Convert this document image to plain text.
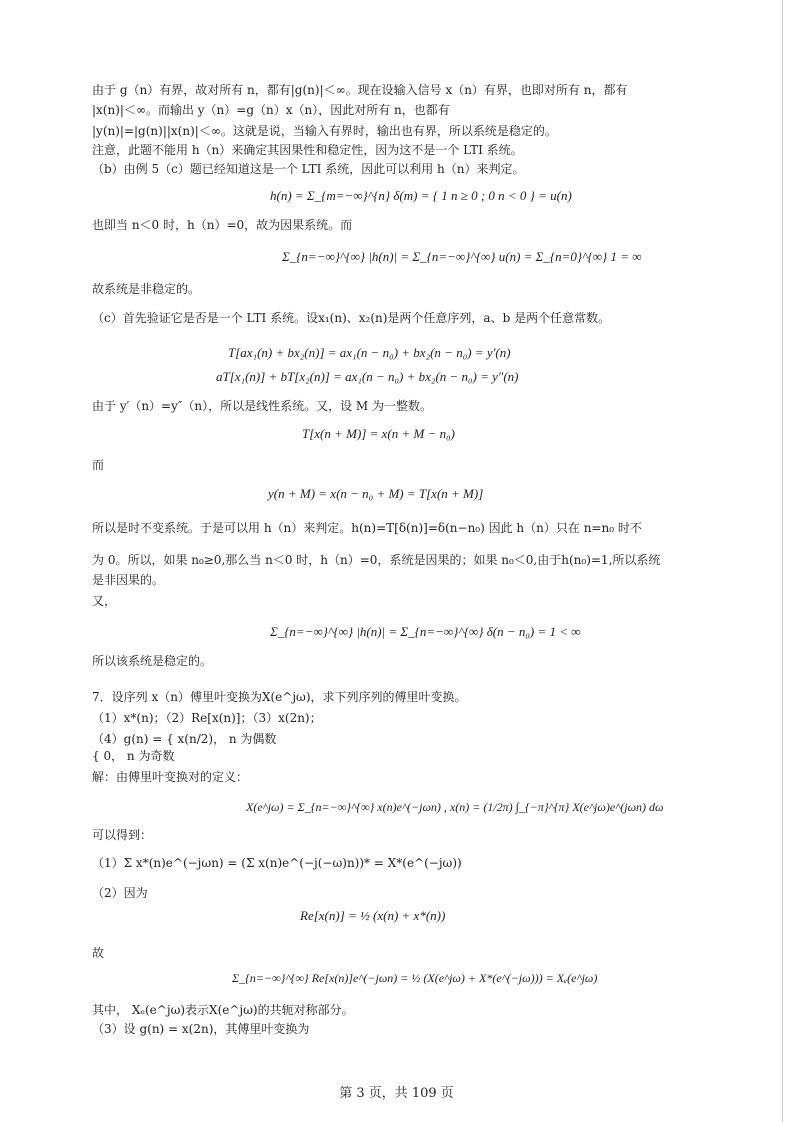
由于 g（n）有界，故对所有 n，都有|g(n)|＜∞。现在设输入信号 x（n）有界，也即对所有 n，都有
|x(n)|＜∞。而输出 y（n）=g（n）x（n），因此对所有 n，也都有
|y(n)|=|g(n)||x(n)|＜∞。这就是说，当输入有界时，输出也有界，所以系统是稳定的。
注意，此题不能用 h（n）来确定其因果性和稳定性，因为这不是一个 LTI 系统。
（b）由例 5（c）题已经知道这是一个 LTI 系统，因此可以利用 h（n）来判定。
h(n) = Σ_{m=−∞}^{n} δ(m) = { 1 n ≥ 0 ; 0 n < 0 } = u(n)
也即当 n＜0 时，h（n）=0，故为因果系统。而
Σ_{n=−∞}^{∞} |h(n)| = Σ_{n=−∞}^{∞} u(n) = Σ_{n=0}^{∞} 1 = ∞
故系统是非稳定的。
（c）首先验证它是否是一个 LTI 系统。设x₁(n)、x₂(n)是两个任意序列，a、b 是两个任意常数。
T[ax₁(n) + bx₂(n)] = ax₁(n − n₀) + bx₂(n − n₀) = y′(n)
aT[x₁(n)] + bT[x₂(n)] = ax₁(n − n₀) + bx₂(n − n₀) = y″(n)
由于 y′（n）=y″（n），所以是线性系统。又，设 M 为一整数。
T[x(n + M)] = x(n + M − n₀)
而
y(n + M) = x(n − n₀ + M) = T[x(n + M)]
所以是时不变系统。于是可以用 h（n）来判定。h(n)=T[δ(n)]=δ(n−n₀) 因此 h（n）只在 n=n₀ 时不
为 0。所以，如果 n₀≥0,那么当 n＜0 时，h（n）=0，系统是因果的；如果 n₀＜0,由于h(n₀)=1,所以系统
是非因果的。
又，
Σ_{n=−∞}^{∞} |h(n)| = Σ_{n=−∞}^{∞} δ(n − n₀) = 1 < ∞
所以该系统是稳定的。
7．设序列 x（n）傅里叶变换为X(e^jω)，求下列序列的傅里叶变换。
（1）x*(n)；（2）Re[x(n)]；（3）x(2n)；
（4）g(n) = { x(n/2)， n 为偶数
{ 0， n 为奇数
解：由傅里叶变换对的定义：
X(e^jω) = Σ_{n=−∞}^{∞} x(n)e^(−jωn) , x(n) = (1/2π) ∫_{−π}^{π} X(e^jω)e^(jωn) dω
可以得到：
（1）Σ x*(n)e^(−jωn) = (Σ x(n)e^(−j(−ω)n))* = X*(e^(−jω))
（2）因为
Re[x(n)] = ½ (x(n) + x*(n))
故
Σ_{n=−∞}^{∞} Re[x(n)]e^(−jωn) = ½ (X(e^jω) + X*(e^(−jω))) = Xₑ(e^jω)
其中， Xₑ(e^jω)表示X(e^jω)的共轭对称部分。
（3）设 g(n) = x(2n)，其傅里叶变换为
第 3 页，共 109 页
